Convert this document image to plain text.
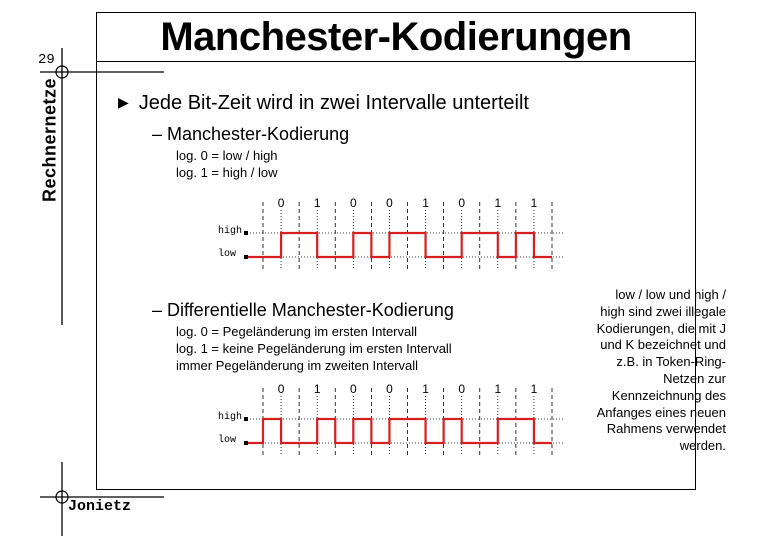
Manchester-Kodierungen
Rechnernetze
29
Jonietz
▶ Jede Bit-Zeit wird in zwei Intervalle unterteilt
– Manchester-Kodierung
log. 0 = low / high
log. 1 = high / low
– Differentielle Manchester-Kodierung
log. 0 = Pegeländerung im ersten Intervall
log. 1 = keine Pegeländerung im ersten Intervall
immer Pegeländerung im zweiten Intervall
high
low
0	1	0	0	1	0	1	1
high
low
0	1	0	0	1	0	1	1
low / low und high / high sind zwei illegale Kodierungen, die mit J und K bezeichnet und z.B. in Token-Ring-Netzen zur Kennzeichnung des Anfanges eines neuen Rahmens verwendet werden.
